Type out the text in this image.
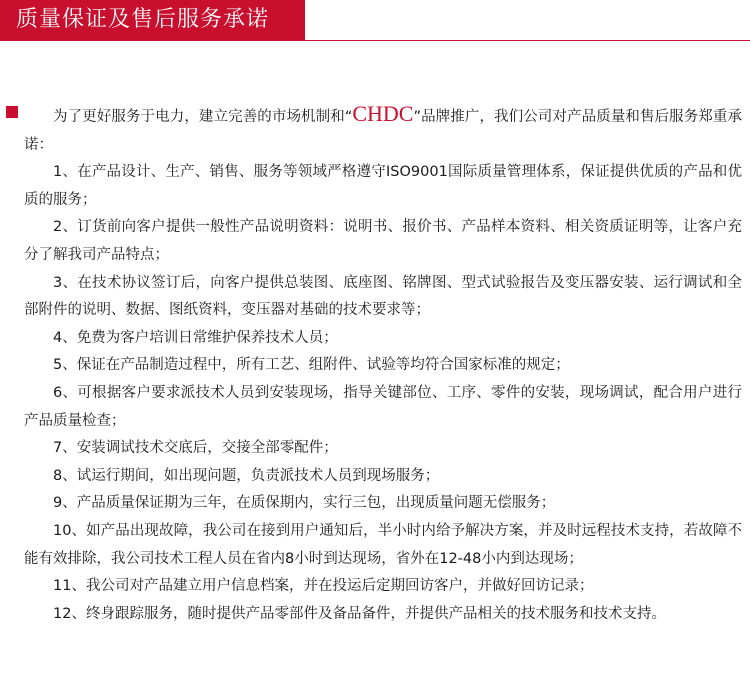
质量保证及售后服务承诺

为了更好服务于电力，建立完善的市场机制和“CHDC”品牌推广，我们公司对产品质量和售后服务郑重承诺：

1、在产品设计、生产、销售、服务等领域严格遵守ISO9001国际质量管理体系，保证提供优质的产品和优质的服务；

2、订货前向客户提供一般性产品说明资料：说明书、报价书、产品样本资料、相关资质证明等，让客户充分了解我司产品特点；

3、在技术协议签订后，向客户提供总装图、底座图、铭牌图、型式试验报告及变压器安装、运行调试和全部附件的说明、数据、图纸资料，变压器对基础的技术要求等；

4、免费为客户培训日常维护保养技术人员；

5、保证在产品制造过程中，所有工艺、组附件、试验等均符合国家标准的规定；

6、可根据客户要求派技术人员到安装现场，指导关键部位、工序、零件的安装，现场调试，配合用户进行产品质量检查；

7、安装调试技术交底后，交接全部零配件；

8、试运行期间，如出现问题，负责派技术人员到现场服务；

9、产品质量保证期为三年，在质保期内，实行三包，出现质量问题无偿服务；

10、如产品出现故障，我公司在接到用户通知后，半小时内给予解决方案，并及时远程技术支持，若故障不能有效排除，我公司技术工程人员在省内8小时到达现场，省外在12-48小内到达现场；

11、我公司对产品建立用户信息档案，并在投运后定期回访客户，并做好回访记录；

12、终身跟踪服务，随时提供产品零部件及备品备件，并提供产品相关的技术服务和技术支持。
